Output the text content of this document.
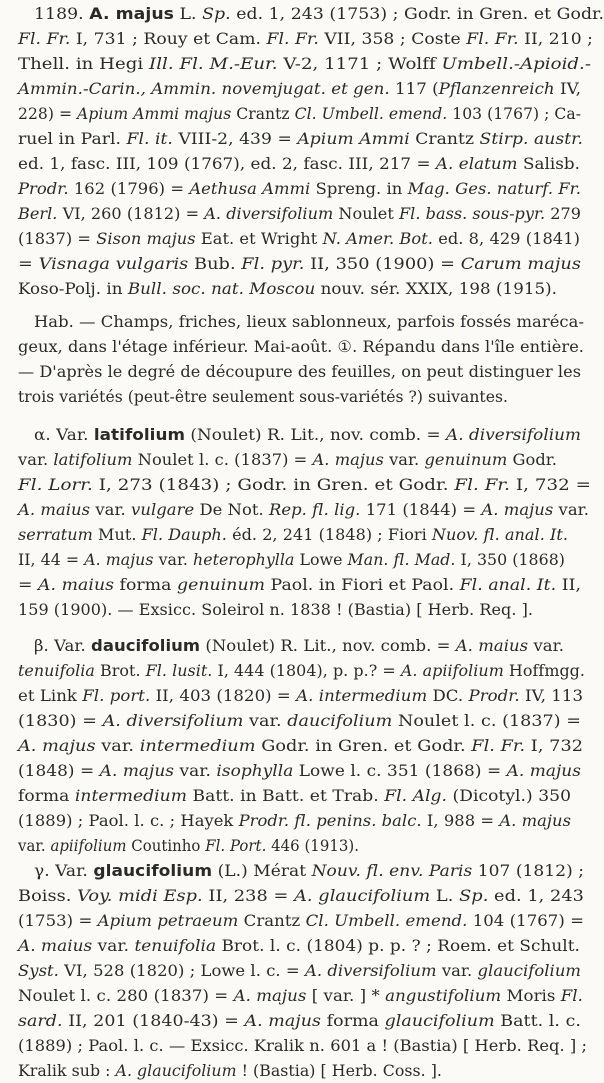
1189. A. majus L. Sp. ed. 1, 243 (1753) ; Godr. in Gren. et Godr.
Fl. Fr. I, 731 ; Rouy et Cam. Fl. Fr. VII, 358 ; Coste Fl. Fr. II, 210 ;
Thell. in Hegi Ill. Fl. M.-Eur. V-2, 1171 ; Wolff Umbell.-Apioid.-
Ammin.-Carin., Ammin. novemjugat. et gen. 117 (Pflanzenreich IV,
228) = Apium Ammi majus Crantz Cl. Umbell. emend. 103 (1767) ; Ca-
ruel in Parl. Fl. it. VIII-2, 439 = Apium Ammi Crantz Stirp. austr.
ed. 1, fasc. III, 109 (1767), ed. 2, fasc. III, 217 = A. elatum Salisb.
Prodr. 162 (1796) = Aethusa Ammi Spreng. in Mag. Ges. naturf. Fr.
Berl. VI, 260 (1812) = A. diversifolium Noulet Fl. bass. sous-pyr. 279
(1837) = Sison majus Eat. et Wright N. Amer. Bot. ed. 8, 429 (1841)
= Visnaga vulgaris Bub. Fl. pyr. II, 350 (1900) = Carum majus
Koso-Polj. in Bull. soc. nat. Moscou nouv. sér. XXIX, 198 (1915).
Hab. — Champs, friches, lieux sablonneux, parfois fossés maréca-
geux, dans l'étage inférieur. Mai-août. ①. Répandu dans l'île entière.
— D'après le degré de découpure des feuilles, on peut distinguer les
trois variétés (peut-être seulement sous-variétés ?) suivantes.
α. Var. latifolium (Noulet) R. Lit., nov. comb. = A. diversifolium
var. latifolium Noulet l. c. (1837) = A. majus var. genuinum Godr.
Fl. Lorr. I, 273 (1843) ; Godr. in Gren. et Godr. Fl. Fr. I, 732 =
A. maius var. vulgare De Not. Rep. fl. lig. 171 (1844) = A. majus var.
serratum Mut. Fl. Dauph. éd. 2, 241 (1848) ; Fiori Nuov. fl. anal. It.
II, 44 = A. majus var. heterophylla Lowe Man. fl. Mad. I, 350 (1868)
= A. maius forma genuinum Paol. in Fiori et Paol. Fl. anal. It. II,
159 (1900). — Exsicc. Soleirol n. 1838 ! (Bastia) [ Herb. Req. ].
β. Var. daucifolium (Noulet) R. Lit., nov. comb. = A. maius var.
tenuifolia Brot. Fl. lusit. I, 444 (1804), p. p.? = A. apiifolium Hoffmgg.
et Link Fl. port. II, 403 (1820) = A. intermedium DC. Prodr. IV, 113
(1830) = A. diversifolium var. daucifolium Noulet l. c. (1837) =
A. majus var. intermedium Godr. in Gren. et Godr. Fl. Fr. I, 732
(1848) = A. majus var. isophylla Lowe l. c. 351 (1868) = A. majus
forma intermedium Batt. in Batt. et Trab. Fl. Alg. (Dicotyl.) 350
(1889) ; Paol. l. c. ; Hayek Prodr. fl. penins. balc. I, 988 = A. majus
var. apiifolium Coutinho Fl. Port. 446 (1913).
γ. Var. glaucifolium (L.) Mérat Nouv. fl. env. Paris 107 (1812) ;
Boiss. Voy. midi Esp. II, 238 = A. glaucifolium L. Sp. ed. 1, 243
(1753) = Apium petraeum Crantz Cl. Umbell. emend. 104 (1767) =
A. maius var. tenuifolia Brot. l. c. (1804) p. p. ? ; Roem. et Schult.
Syst. VI, 528 (1820) ; Lowe l. c. = A. diversifolium var. glaucifolium
Noulet l. c. 280 (1837) = A. majus [ var. ] * angustifolium Moris Fl.
sard. II, 201 (1840-43) = A. majus forma glaucifolium Batt. l. c.
(1889) ; Paol. l. c. — Exsicc. Kralik n. 601 a ! (Bastia) [ Herb. Req. ] ;
Kralik sub : A. glaucifolium ! (Bastia) [ Herb. Coss. ].
